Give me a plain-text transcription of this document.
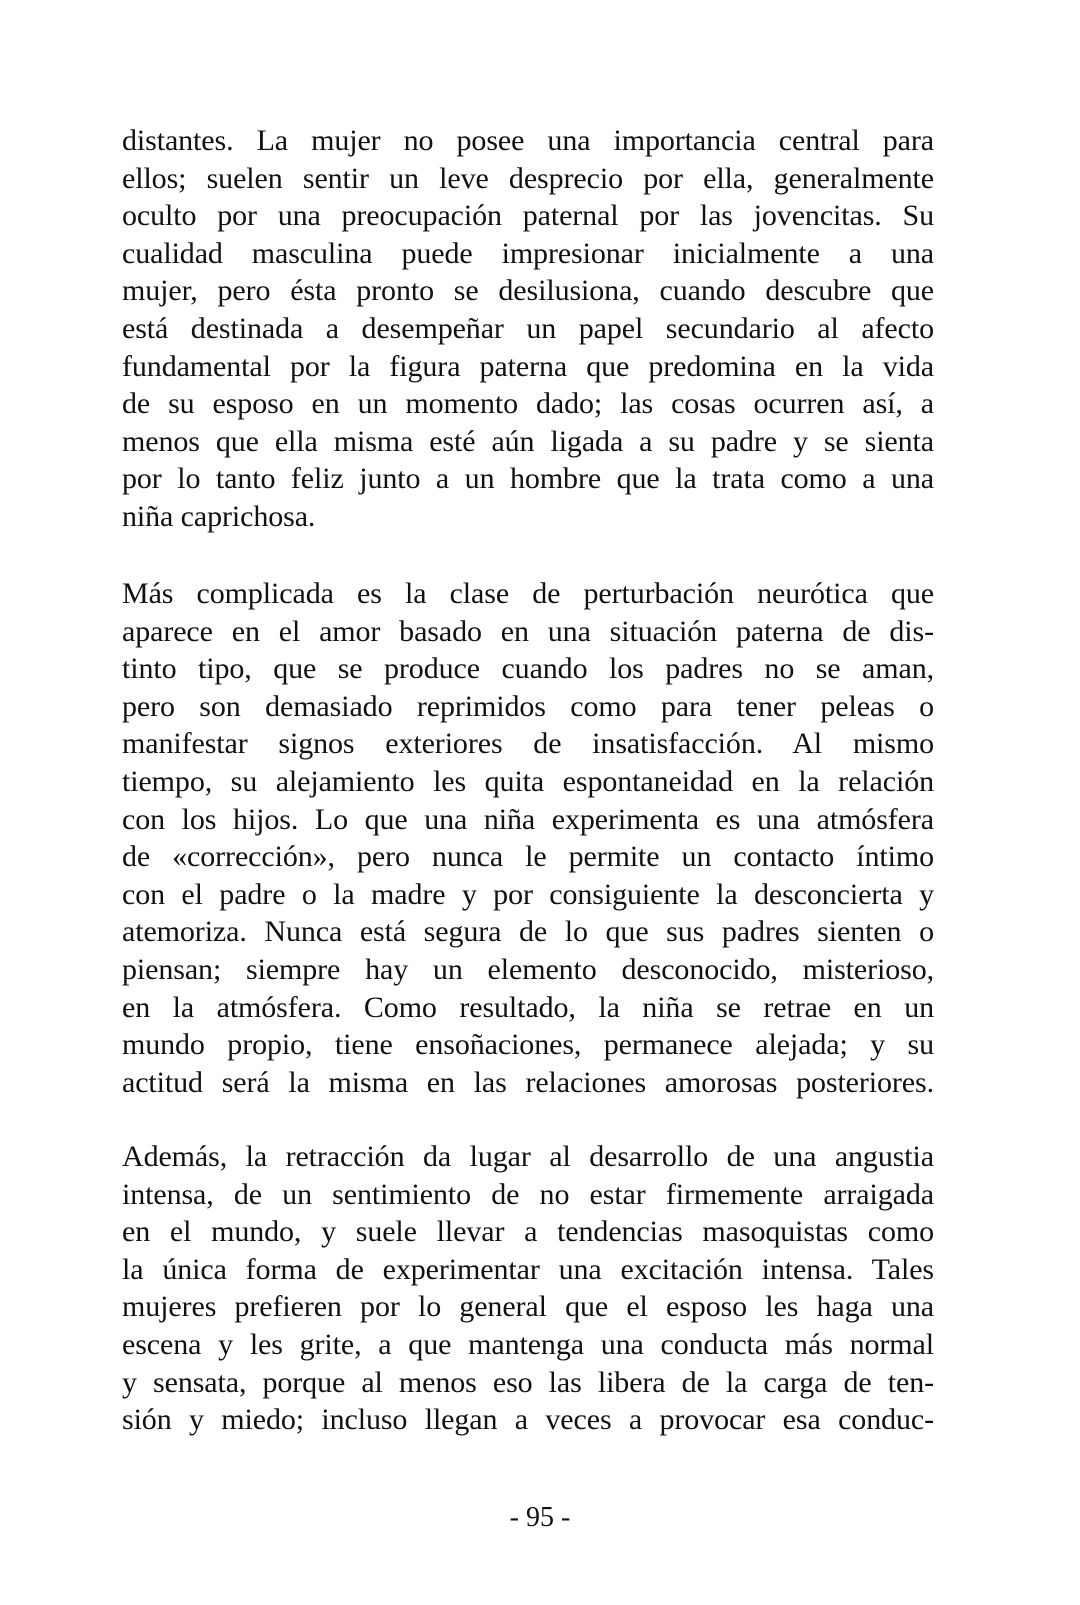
distantes. La mujer no posee una importancia central para
ellos; suelen sentir un leve desprecio por ella, generalmente
oculto por una preocupación paternal por las jovencitas. Su
cualidad masculina puede impresionar inicialmente a una
mujer, pero ésta pronto se desilusiona, cuando descubre que
está destinada a desempeñar un papel secundario al afecto
fundamental por la figura paterna que predomina en la vida
de su esposo en un momento dado; las cosas ocurren así, a
menos que ella misma esté aún ligada a su padre y se sienta
por lo tanto feliz junto a un hombre que la trata como a una
niña caprichosa.
Más complicada es la clase de perturbación neurótica que
aparece en el amor basado en una situación paterna de dis-
tinto tipo, que se produce cuando los padres no se aman,
pero son demasiado reprimidos como para tener peleas o
manifestar signos exteriores de insatisfacción. Al mismo
tiempo, su alejamiento les quita espontaneidad en la relación
con los hijos. Lo que una niña experimenta es una atmósfera
de «corrección», pero nunca le permite un contacto íntimo
con el padre o la madre y por consiguiente la desconcierta y
atemoriza. Nunca está segura de lo que sus padres sienten o
piensan; siempre hay un elemento desconocido, misterioso,
en la atmósfera. Como resultado, la niña se retrae en un
mundo propio, tiene ensoñaciones, permanece alejada; y su
actitud será la misma en las relaciones amorosas posteriores.
Además, la retracción da lugar al desarrollo de una angustia
intensa, de un sentimiento de no estar firmemente arraigada
en el mundo, y suele llevar a tendencias masoquistas como
la única forma de experimentar una excitación intensa. Tales
mujeres prefieren por lo general que el esposo les haga una
escena y les grite, a que mantenga una conducta más normal
y sensata, porque al menos eso las libera de la carga de ten-
sión y miedo; incluso llegan a veces a provocar esa conduc-
- 95 -
